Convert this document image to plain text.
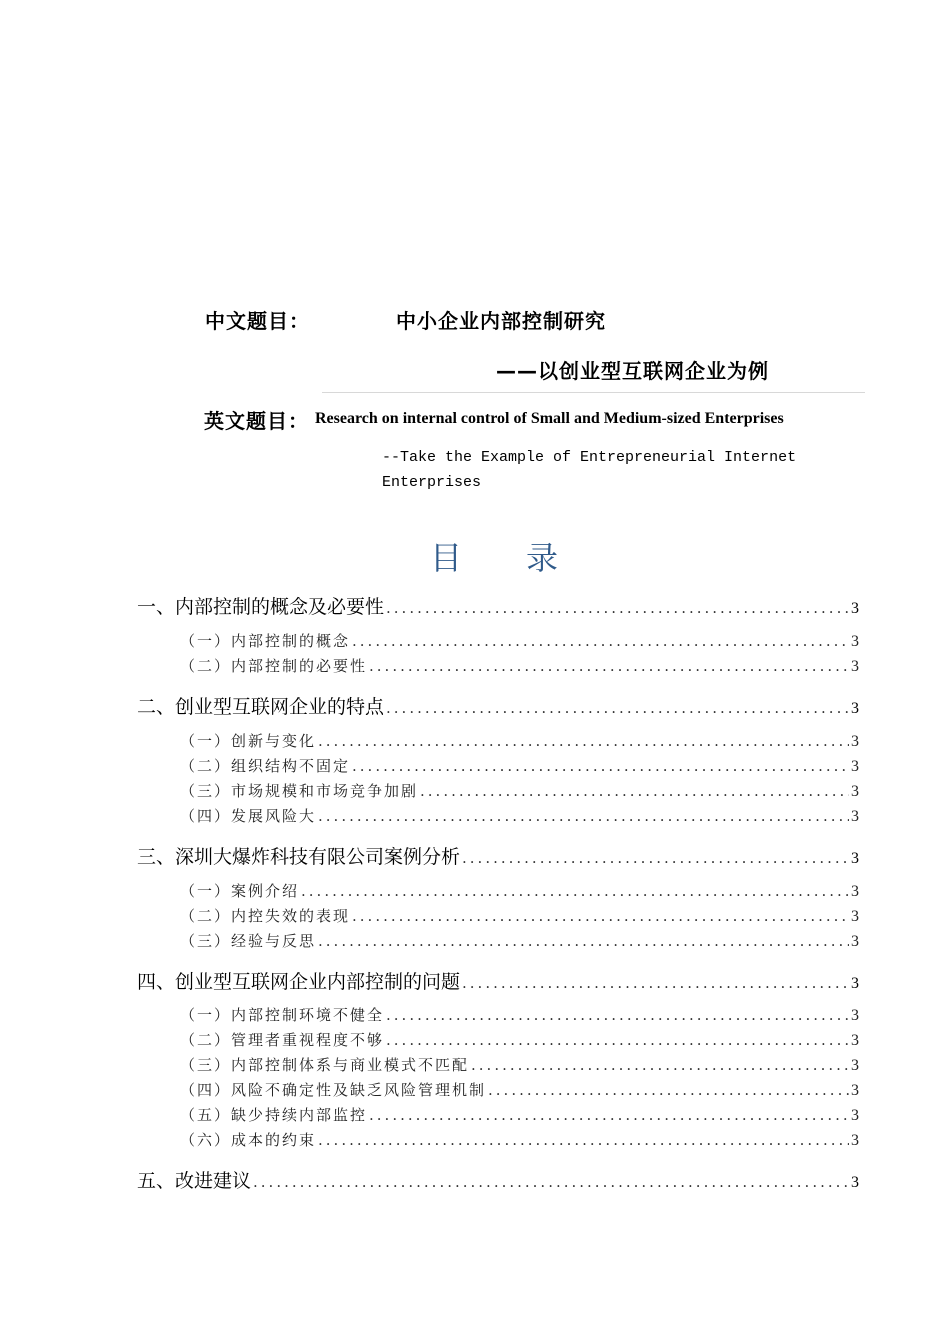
中文题目：	中小企业内部控制研究
——以创业型互联网企业为例
英文题目： Research on internal control of Small and Medium-sized Enterprises
--Take the Example of Entrepreneurial Internet
Enterprises
目 录
一、内部控制的概念及必要性 .....	3
（一）内部控制的概念 .....	3
（二）内部控制的必要性 .....	3
二、创业型互联网企业的特点 .....	3
（一）创新与变化 .....	3
（二）组织结构不固定 .....	3
（三）市场规模和市场竞争加剧 .....	3
（四）发展风险大 .....	3
三、深圳大爆炸科技有限公司案例分析 .....	3
（一）案例介绍 .....	3
（二）内控失效的表现 .....	3
（三）经验与反思 .....	3
四、创业型互联网企业内部控制的问题 .....	3
（一）内部控制环境不健全 .....	3
（二）管理者重视程度不够 .....	3
（三）内部控制体系与商业模式不匹配 .....	3
（四）风险不确定性及缺乏风险管理机制 .....	3
（五）缺少持续内部监控 .....	3
（六）成本的约束 .....	3
五、改进建议 .....	3
